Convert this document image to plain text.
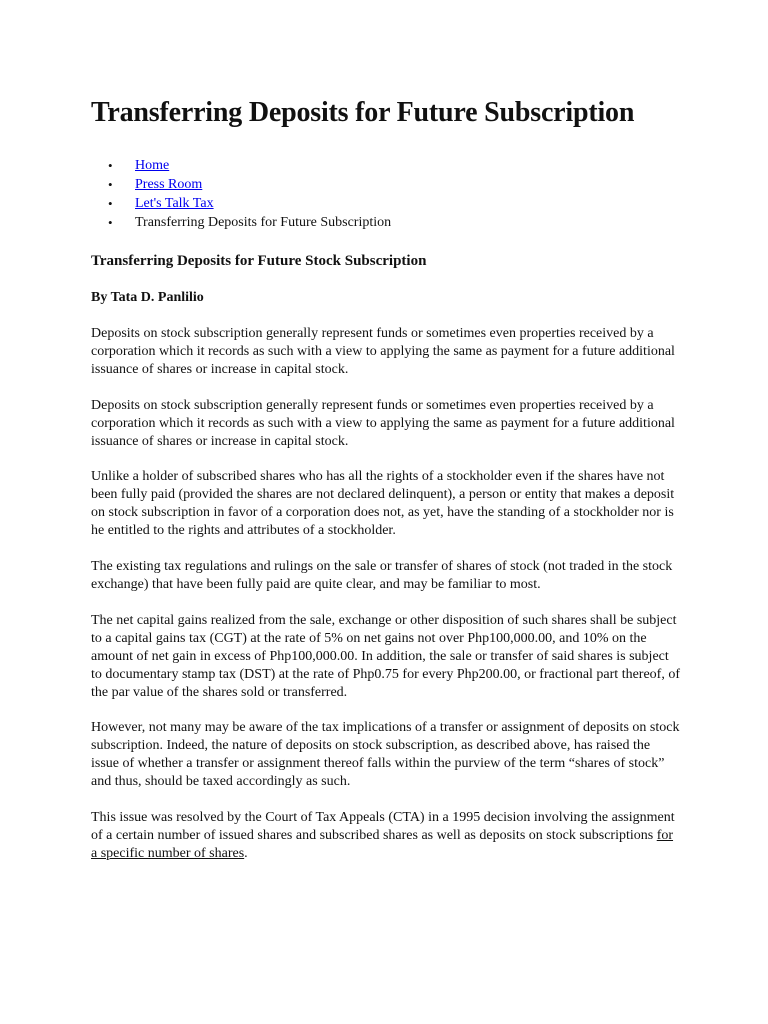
Transferring Deposits for Future Subscription
• Home
• Press Room
• Let's Talk Tax
• Transferring Deposits for Future Subscription
Transferring Deposits for Future Stock Subscription
By Tata D. Panlilio

Deposits on stock subscription generally represent funds or sometimes even properties received by a corporation which it records as such with a view to applying the same as payment for a future additional issuance of shares or increase in capital stock.

Deposits on stock subscription generally represent funds or sometimes even properties received by a corporation which it records as such with a view to applying the same as payment for a future additional issuance of shares or increase in capital stock.

Unlike a holder of subscribed shares who has all the rights of a stockholder even if the shares have not been fully paid (provided the shares are not declared delinquent), a person or entity that makes a deposit on stock subscription in favor of a corporation does not, as yet, have the standing of a stockholder nor is he entitled to the rights and attributes of a stockholder.

The existing tax regulations and rulings on the sale or transfer of shares of stock (not traded in the stock exchange) that have been fully paid are quite clear, and may be familiar to most.

The net capital gains realized from the sale, exchange or other disposition of such shares shall be subject to a capital gains tax (CGT) at the rate of 5% on net gains not over Php100,000.00, and 10% on the amount of net gain in excess of Php100,000.00. In addition, the sale or transfer of said shares is subject to documentary stamp tax (DST) at the rate of Php0.75 for every Php200.00, or fractional part thereof, of the par value of the shares sold or transferred.

However, not many may be aware of the tax implications of a transfer or assignment of deposits on stock subscription. Indeed, the nature of deposits on stock subscription, as described above, has raised the issue of whether a transfer or assignment thereof falls within the purview of the term “shares of stock” and thus, should be taxed accordingly as such.

This issue was resolved by the Court of Tax Appeals (CTA) in a 1995 decision involving the assignment of a certain number of issued shares and subscribed shares as well as deposits on stock subscriptions for a specific number of shares.
